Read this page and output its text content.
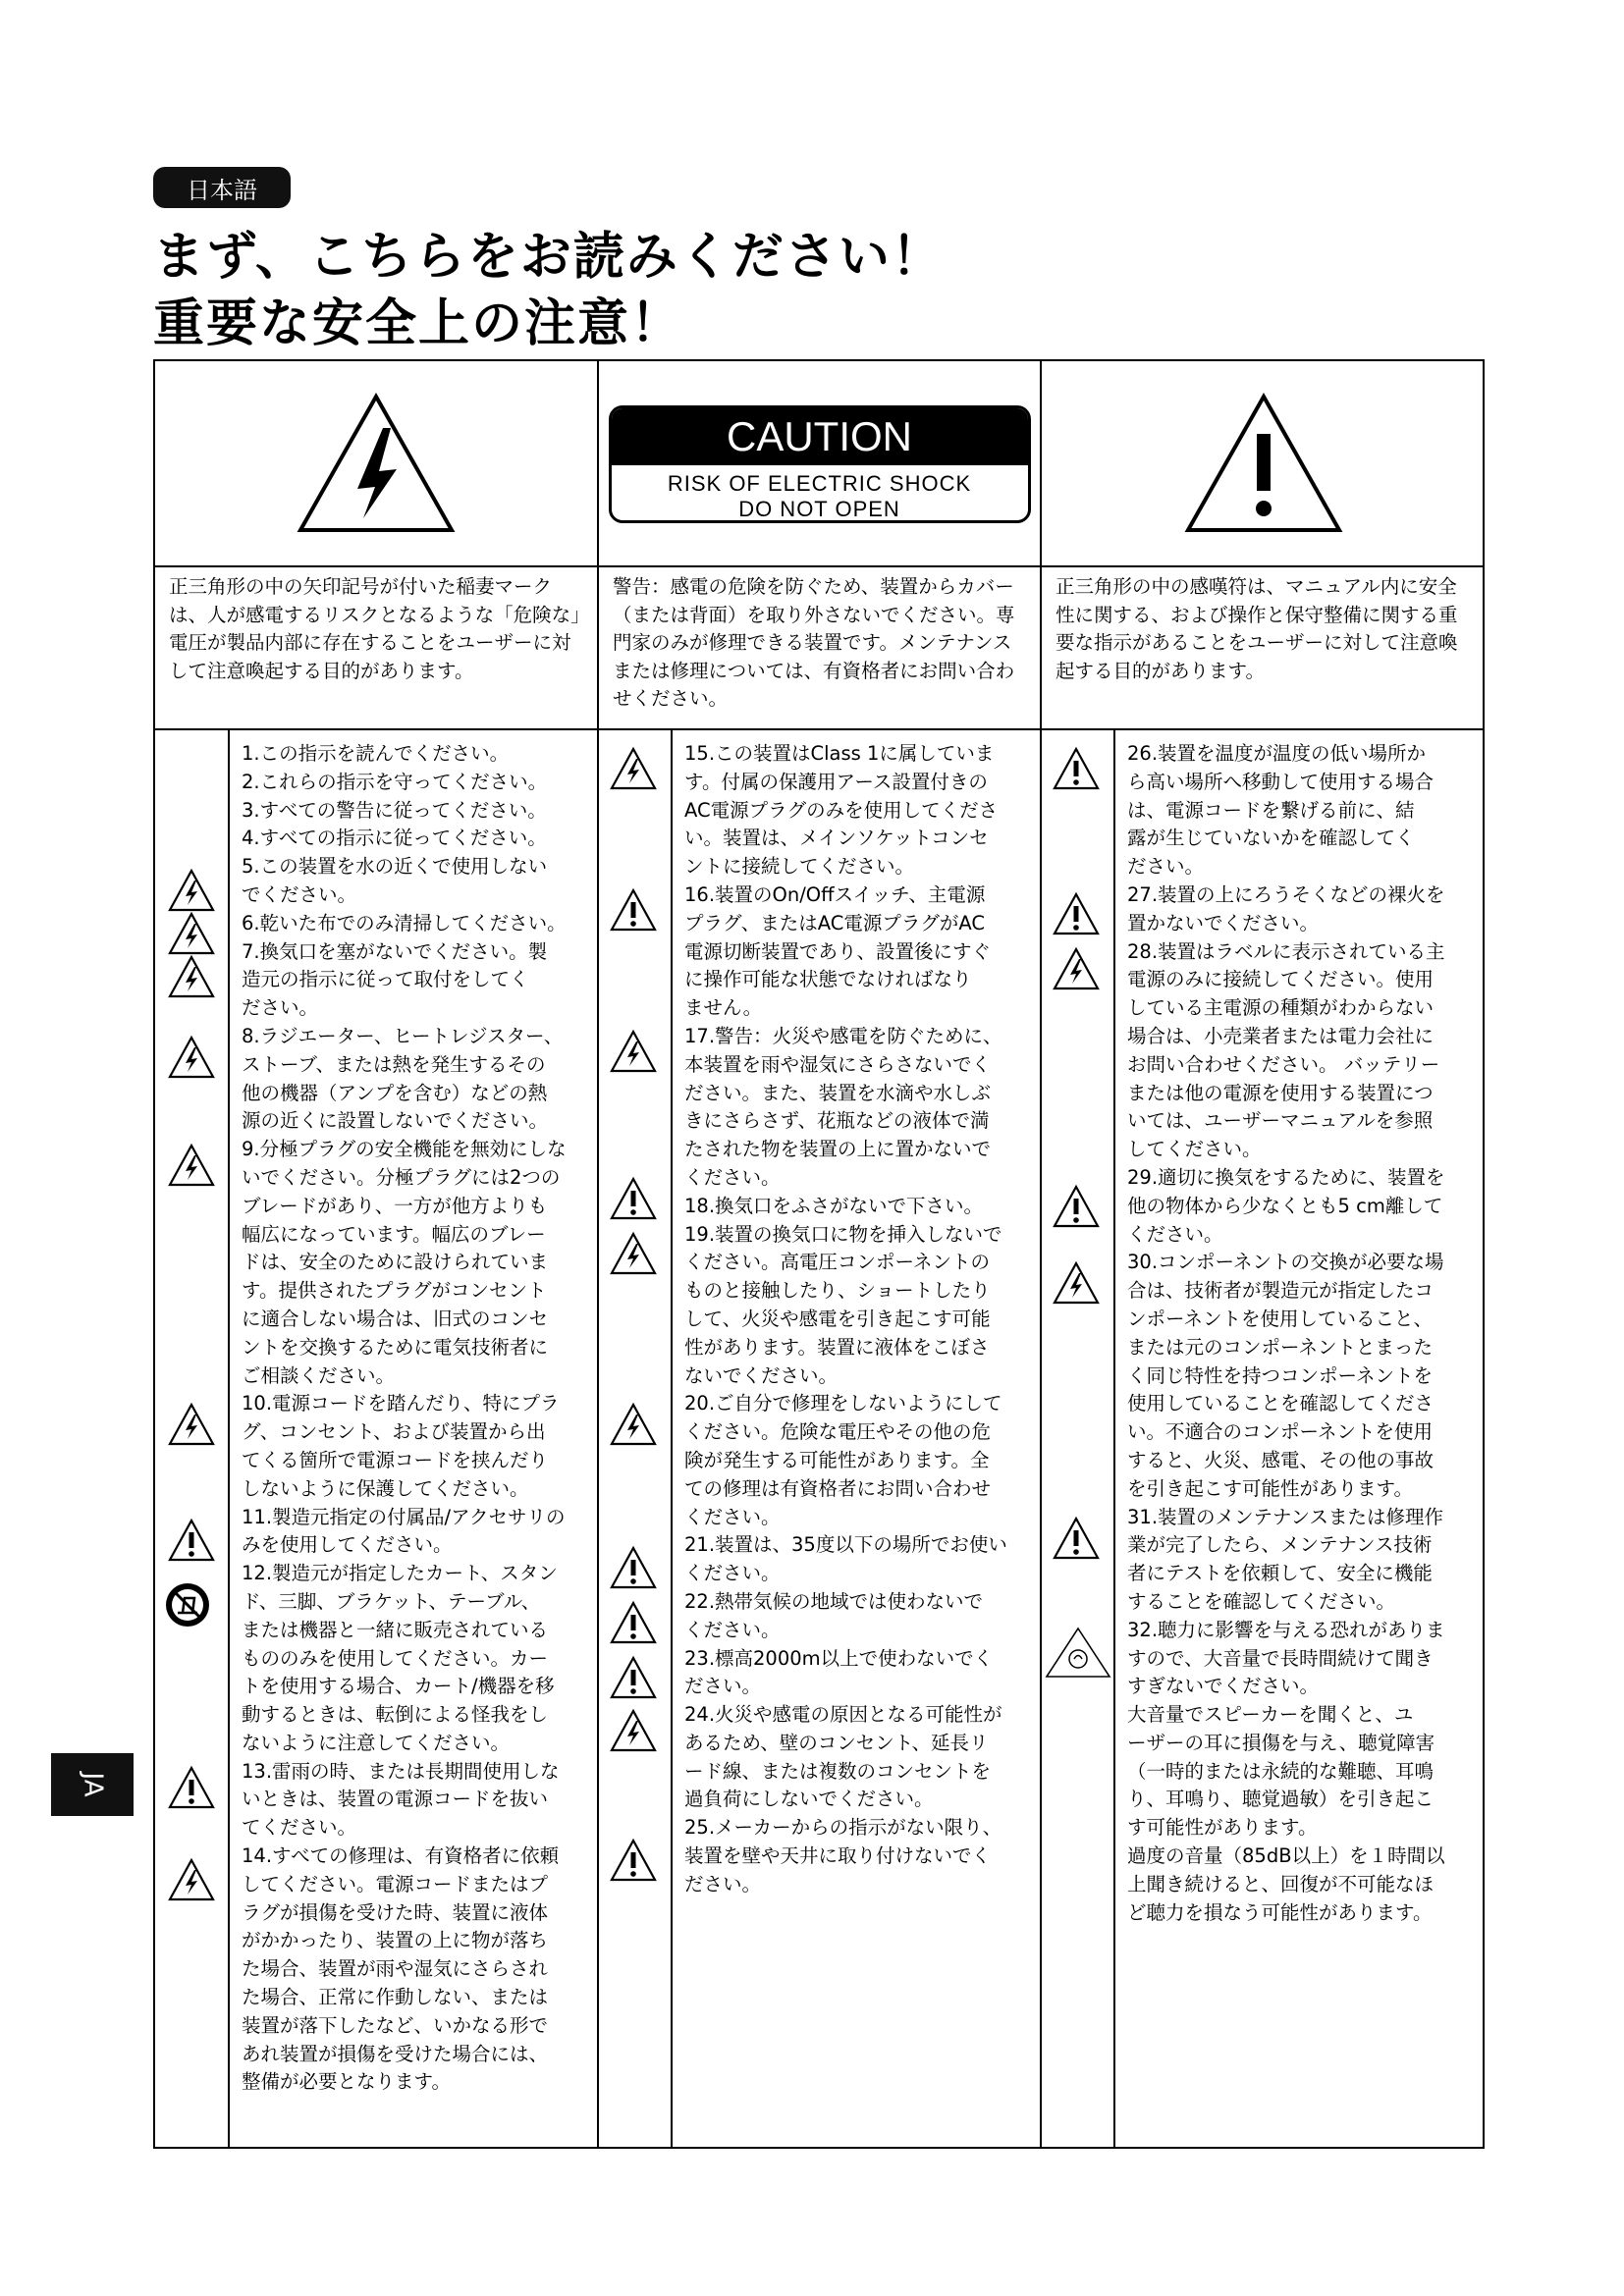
日本語
まず、こちらをお読みください！
重要な安全上の注意！
CAUTION
RISK OF ELECTRIC SHOCK
DO NOT OPEN
正三角形の中の矢印記号が付いた稲妻マークは、人が感電するリスクとなるような「危険な」電圧が製品内部に存在することをユーザーに対して注意喚起する目的があります。
警告：感電の危険を防ぐため、装置からカバー（または背面）を取り外さないでください。専門家のみが修理できる装置です。メンテナンスまたは修理については、有資格者にお問い合わせください。
正三角形の中の感嘆符は、マニュアル内に安全性に関する、および操作と保守整備に関する重要な指示があることをユーザーに対して注意喚起する目的があります。
1.この指示を読んでください。
2.これらの指示を守ってください。
3.すべての警告に従ってください。
4.すべての指示に従ってください。
5.この装置を水の近くで使用しない
でください。
6.乾いた布でのみ清掃してください。
7.換気口を塞がないでください。製
造元の指示に従って取付をしてく
ださい。
8.ラジエーター、ヒートレジスター、
ストーブ、または熱を発生するその
他の機器（アンプを含む）などの熱
源の近くに設置しないでください。
9.分極プラグの安全機能を無効にしな
いでください。分極プラグには2つの
ブレードがあり、一方が他方よりも
幅広になっています。幅広のブレー
ドは、安全のために設けられていま
す。提供されたプラグがコンセント
に適合しない場合は、旧式のコンセ
ントを交換するために電気技術者に
ご相談ください。
10.電源コードを踏んだり、特にプラ
グ、コンセント、および装置から出
てくる箇所で電源コードを挟んだり
しないように保護してください。
11.製造元指定の付属品/アクセサリの
みを使用してください。
12.製造元が指定したカート、スタン
ド、三脚、ブラケット、テーブル、
または機器と一緒に販売されている
もののみを使用してください。カー
トを使用する場合、カート/機器を移
動するときは、転倒による怪我をし
ないように注意してください。
13.雷雨の時、または長期間使用しな
いときは、装置の電源コードを抜い
てください。
14.すべての修理は、有資格者に依頼
してください。電源コードまたはプ
ラグが損傷を受けた時、装置に液体
がかかったり、装置の上に物が落ち
た場合、装置が雨や湿気にさらされ
た場合、正常に作動しない、または
装置が落下したなど、いかなる形で
あれ装置が損傷を受けた場合には、
整備が必要となります。
15.この装置はClass 1に属していま
す。付属の保護用アース設置付きの
AC電源プラグのみを使用してくださ
い。装置は、メインソケットコンセ
ントに接続してください。
16.装置のOn/Offスイッチ、主電源
プラグ、またはAC電源プラグがAC
電源切断装置であり、設置後にすぐ
に操作可能な状態でなければなり
ません。
17.警告：火災や感電を防ぐために、
本装置を雨や湿気にさらさないでく
ださい。また、装置を水滴や水しぶ
きにさらさず、花瓶などの液体で満
たされた物を装置の上に置かないで
ください。
18.換気口をふさがないで下さい。
19.装置の換気口に物を挿入しないで
ください。高電圧コンポーネントの
ものと接触したり、ショートしたり
して、火災や感電を引き起こす可能
性があります。装置に液体をこぼさ
ないでください。
20.ご自分で修理をしないようにして
ください。危険な電圧やその他の危
険が発生する可能性があります。全
ての修理は有資格者にお問い合わせ
ください。
21.装置は、35度以下の場所でお使い
ください。
22.熱帯気候の地域では使わないで
ください。
23.標高2000m以上で使わないでく
ださい。
24.火災や感電の原因となる可能性が
あるため、壁のコンセント、延長リ
ード線、または複数のコンセントを
過負荷にしないでください。
25.メーカーからの指示がない限り、
装置を壁や天井に取り付けないでく
ださい。
26.装置を温度が温度の低い場所か
ら高い場所へ移動して使用する場合
は、電源コードを繋げる前に、結
露が生じていないかを確認してく
ださい。
27.装置の上にろうそくなどの裸火を
置かないでください。
28.装置はラベルに表示されている主
電源のみに接続してください。使用
している主電源の種類がわからない
場合は、小売業者または電力会社に
お問い合わせください。 バッテリー
または他の電源を使用する装置につ
いては、ユーザーマニュアルを参照
してください。
29.適切に換気をするために、装置を
他の物体から少なくとも5 cm離して
ください。
30.コンポーネントの交換が必要な場
合は、技術者が製造元が指定したコ
ンポーネントを使用していること、
または元のコンポーネントとまった
く同じ特性を持つコンポーネントを
使用していることを確認してくださ
い。不適合のコンポーネントを使用
すると、火災、感電、その他の事故
を引き起こす可能性があります。
31.装置のメンテナンスまたは修理作
業が完了したら、メンテナンス技術
者にテストを依頼して、安全に機能
することを確認してください。
32.聴力に影響を与える恐れがありま
すので、大音量で長時間続けて聞き
すぎないでください。
大音量でスピーカーを聞くと、ユ
ーザーの耳に損傷を与え、聴覚障害
（一時的または永続的な難聴、耳鳴
り、耳鳴り、聴覚過敏）を引き起こ
す可能性があります。
過度の音量（85dB以上）を１時間以
上聞き続けると、回復が不可能なほ
ど聴力を損なう可能性があります。
JA
